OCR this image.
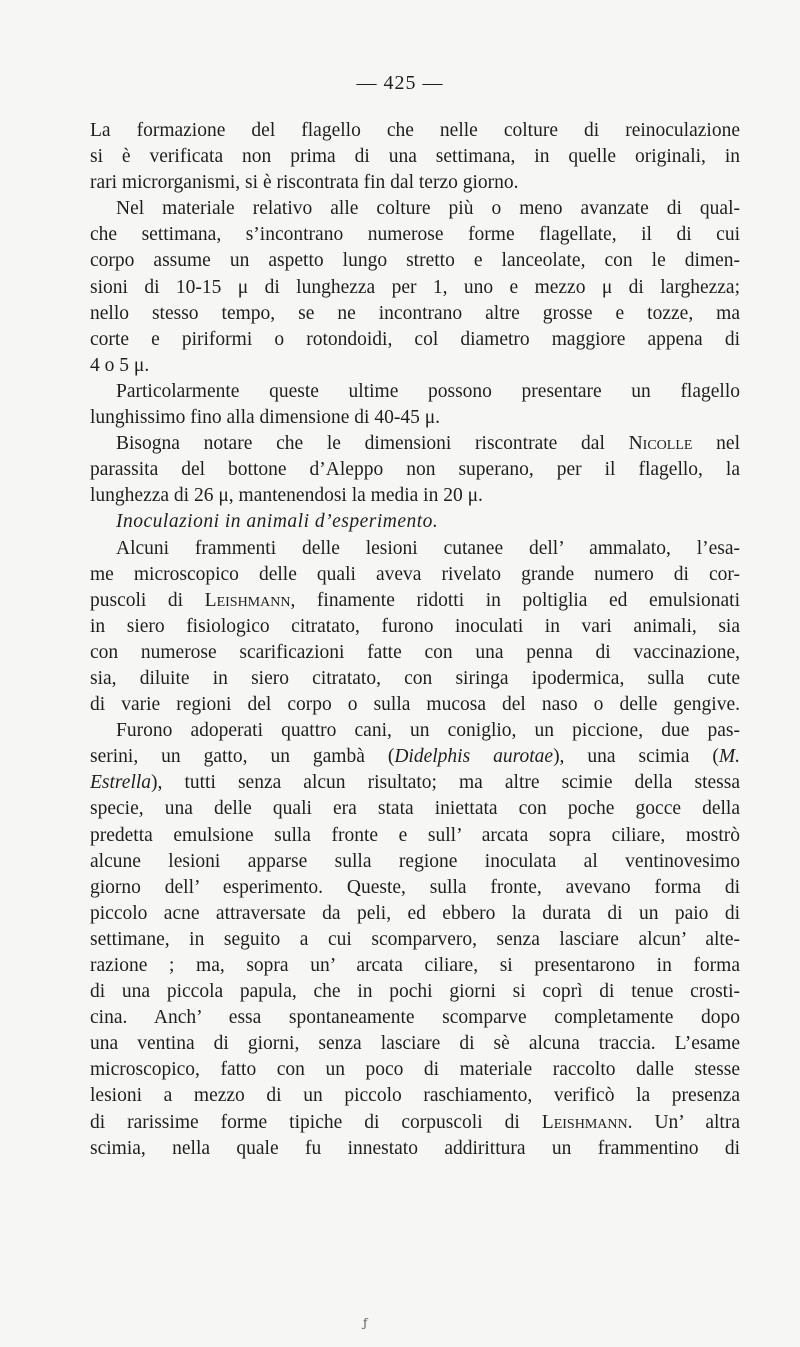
— 425 —
La formazione del flagello che nelle colture di reinoculazione
si è verificata non prima di una settimana, in quelle originali, in
rari microrganismi, si è riscontrata fin dal terzo giorno.
Nel materiale relativo alle colture più o meno avanzate di qual-
che settimana, s’incontrano numerose forme flagellate, il di cui
corpo assume un aspetto lungo stretto e lanceolate, con le dimen-
sioni di 10-15 μ di lunghezza per 1, uno e mezzo μ di larghezza;
nello stesso tempo, se ne incontrano altre grosse e tozze, ma
corte e piriformi o rotondoidi, col diametro maggiore appena di
4 o 5 μ.
Particolarmente queste ultime possono presentare un flagello
lunghissimo fino alla dimensione di 40-45 μ.
Bisogna notare che le dimensioni riscontrate dal Nicolle nel
parassita del bottone d’Aleppo non superano, per il flagello, la
lunghezza di 26 μ, mantenendosi la media in 20 μ.
Inoculazioni in animali d’esperimento.
Alcuni frammenti delle lesioni cutanee dell’ ammalato, l’esa-
me microscopico delle quali aveva rivelato grande numero di cor-
puscoli di Leishmann, finamente ridotti in poltiglia ed emulsionati
in siero fisiologico citratato, furono inoculati in vari animali, sia
con numerose scarificazioni fatte con una penna di vaccinazione,
sia, diluite in siero citratato, con siringa ipodermica, sulla cute
di varie regioni del corpo o sulla mucosa del naso o delle gengive.
Furono adoperati quattro cani, un coniglio, un piccione, due pas-
serini, un gatto, un gambà (Didelphis aurotae), una scimia (M.
Estrella), tutti senza alcun risultato; ma altre scimie della stessa
specie, una delle quali era stata iniettata con poche gocce della
predetta emulsione sulla fronte e sull’ arcata sopra ciliare, mostrò
alcune lesioni apparse sulla regione inoculata al ventinovesimo
giorno dell’ esperimento. Queste, sulla fronte, avevano forma di
piccolo acne attraversate da peli, ed ebbero la durata di un paio di
settimane, in seguito a cui scomparvero, senza lasciare alcun’ alte-
razione ; ma, sopra un’ arcata ciliare, si presentarono in forma
di una piccola papula, che in pochi giorni si coprì di tenue crosti-
cina. Anch’ essa spontaneamente scomparve completamente dopo
una ventina di giorni, senza lasciare di sè alcuna traccia. L’esame
microscopico, fatto con un poco di materiale raccolto dalle stesse
lesioni a mezzo di un piccolo raschiamento, verificò la presenza
di rarissime forme tipiche di corpuscoli di Leishmann. Un’ altra
scimia, nella quale fu innestato addirittura un frammentino di
ƒ
